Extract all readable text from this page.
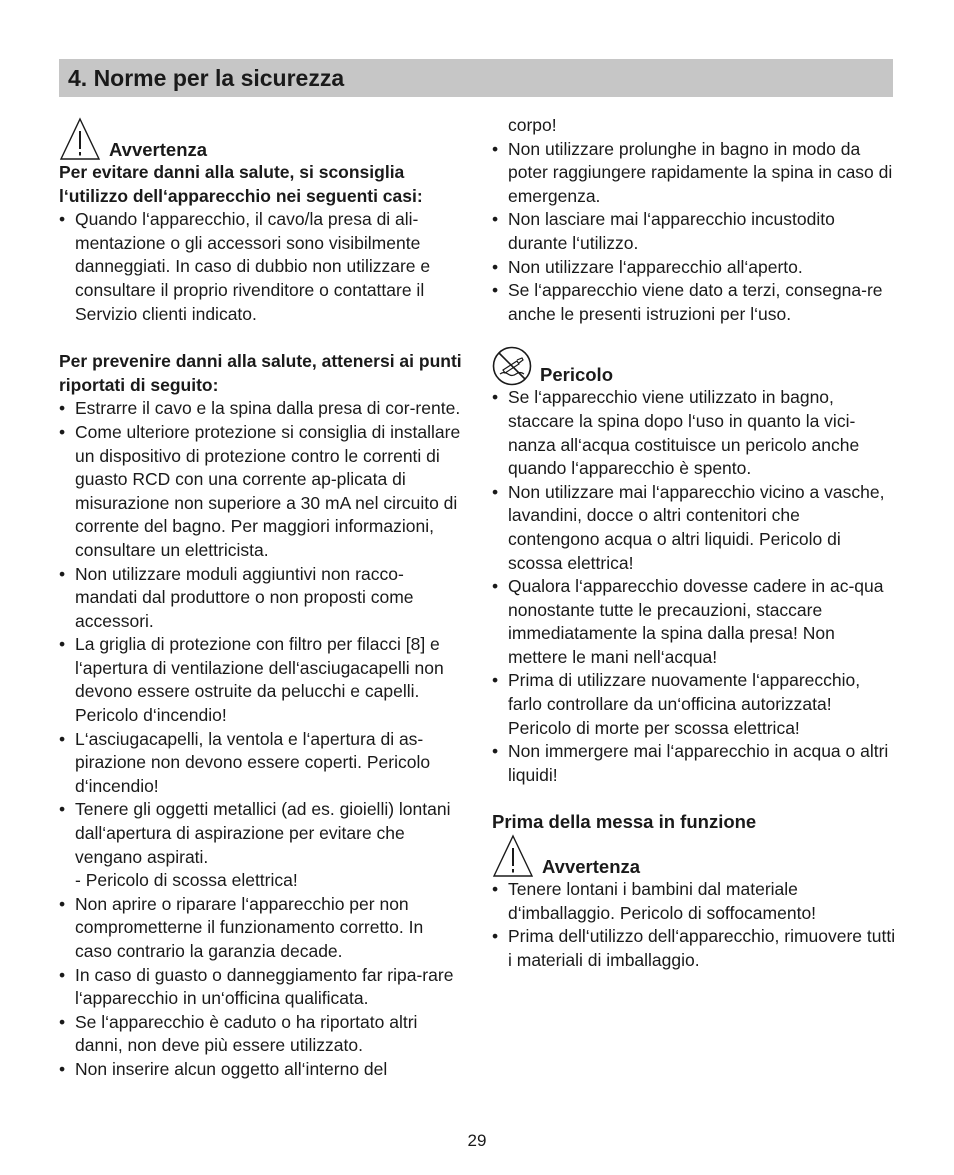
4. Norme per la sicurezza
Avvertenza

Per evitare danni alla salute, si sconsiglia l‘utilizzo dell‘apparecchio nei seguenti casi:

• Quando l‘apparecchio, il cavo/la presa di ali-mentazione o gli accessori sono visibilmente danneggiati. In caso di dubbio non utilizzare e consultare il proprio rivenditore o contattare il Servizio clienti indicato.

Per prevenire danni alla salute, attenersi ai punti riportati di seguito:

• Estrarre il cavo e la spina dalla presa di cor-rente.
• Come ulteriore protezione si consiglia di installare un dispositivo di protezione contro le correnti di guasto RCD con una corrente ap-plicata di misurazione non superiore a 30 mA nel circuito di corrente del bagno. Per maggiori informazioni, consultare un elettricista.
• Non utilizzare moduli aggiuntivi non racco-mandati dal produttore o non proposti come accessori.
• La griglia di protezione con filtro per filacci [8] e l‘apertura di ventilazione dell‘asciugacapelli non devono essere ostruite da pelucchi e capelli. Pericolo d‘incendio!
• L‘asciugacapelli, la ventola e l‘apertura di as-pirazione non devono essere coperti. Pericolo d‘incendio!
• Tenere gli oggetti metallici (ad es. gioielli) lontani dall‘apertura di aspirazione per evitare che vengano aspirati.
- Pericolo di scossa elettrica!
• Non aprire o riparare l‘apparecchio per non comprometterne il funzionamento corretto. In caso contrario la garanzia decade.
• In caso di guasto o danneggiamento far ripa-rare l‘apparecchio in un‘officina qualificata.
• Se l‘apparecchio è caduto o ha riportato altri danni, non deve più essere utilizzato.
• Non inserire alcun oggetto all‘interno del
corpo!
• Non utilizzare prolunghe in bagno in modo da poter raggiungere rapidamente la spina in caso di emergenza.
• Non lasciare mai l‘apparecchio incustodito durante l‘utilizzo.
• Non utilizzare l‘apparecchio all‘aperto.
• Se l‘apparecchio viene dato a terzi, consegna-re anche le presenti istruzioni per l‘uso.
Pericolo
• Se l‘apparecchio viene utilizzato in bagno, staccare la spina dopo l‘uso in quanto la vici-nanza all‘acqua costituisce un pericolo anche quando l‘apparecchio è spento.
• Non utilizzare mai l‘apparecchio vicino a vasche, lavandini, docce o altri contenitori che contengono acqua o altri liquidi. Pericolo di scossa elettrica!
• Qualora l‘apparecchio dovesse cadere in ac-qua nonostante tutte le precauzioni, staccare immediatamente la spina dalla presa! Non mettere le mani nell‘acqua!
• Prima di utilizzare nuovamente l‘apparecchio, farlo controllare da un‘officina autorizzata! Pericolo di morte per scossa elettrica!
• Non immergere mai l‘apparecchio in acqua o altri liquidi!

Prima della messa in funzione

Avvertenza
• Tenere lontani i bambini dal materiale d‘imballaggio. Pericolo di soffocamento!
• Prima dell‘utilizzo dell‘apparecchio, rimuovere tutti i materiali di imballaggio.
29
